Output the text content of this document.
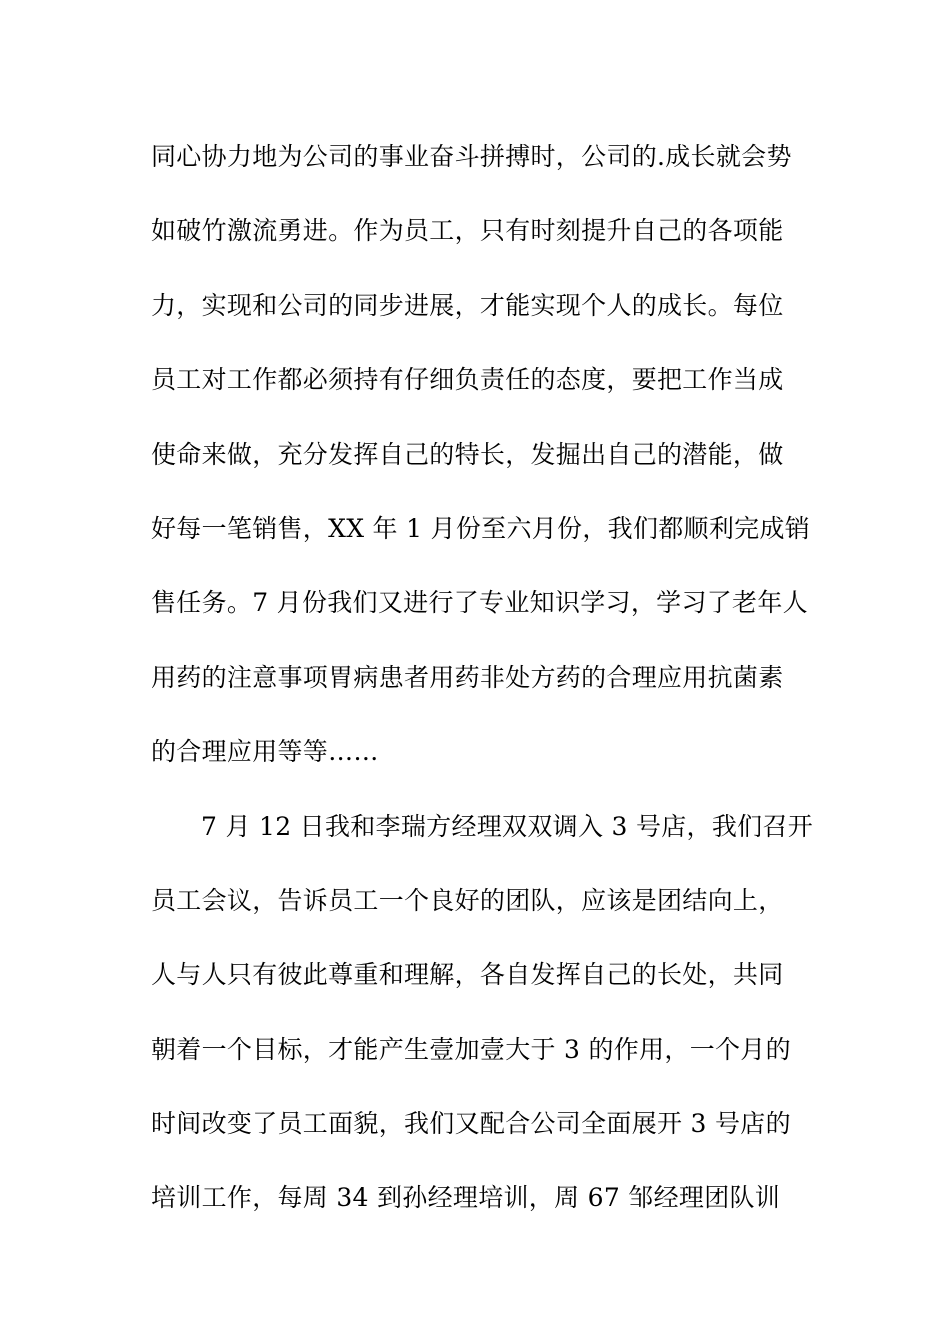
同心协力地为公司的事业奋斗拼搏时，公司的.成长就会势
如破竹激流勇进。作为员工，只有时刻提升自己的各项能
力，实现和公司的同步进展，才能实现个人的成长。每位
员工对工作都必须持有仔细负责任的态度，要把工作当成
使命来做，充分发挥自己的特长，发掘出自己的潜能，做
好每一笔销售，XX 年 1 月份至六月份，我们都顺利完成销
售任务。7 月份我们又进行了专业知识学习，学习了老年人
用药的注意事项胃病患者用药非处方药的合理应用抗菌素
的合理应用等等……
7 月 12 日我和李瑞方经理双双调入 3 号店，我们召开
员工会议，告诉员工一个良好的团队，应该是团结向上，
人与人只有彼此尊重和理解，各自发挥自己的长处，共同
朝着一个目标，才能产生壹加壹大于 3 的作用，一个月的
时间改变了员工面貌，我们又配合公司全面展开 3 号店的
培训工作，每周 34 到孙经理培训，周 67 邹经理团队训
